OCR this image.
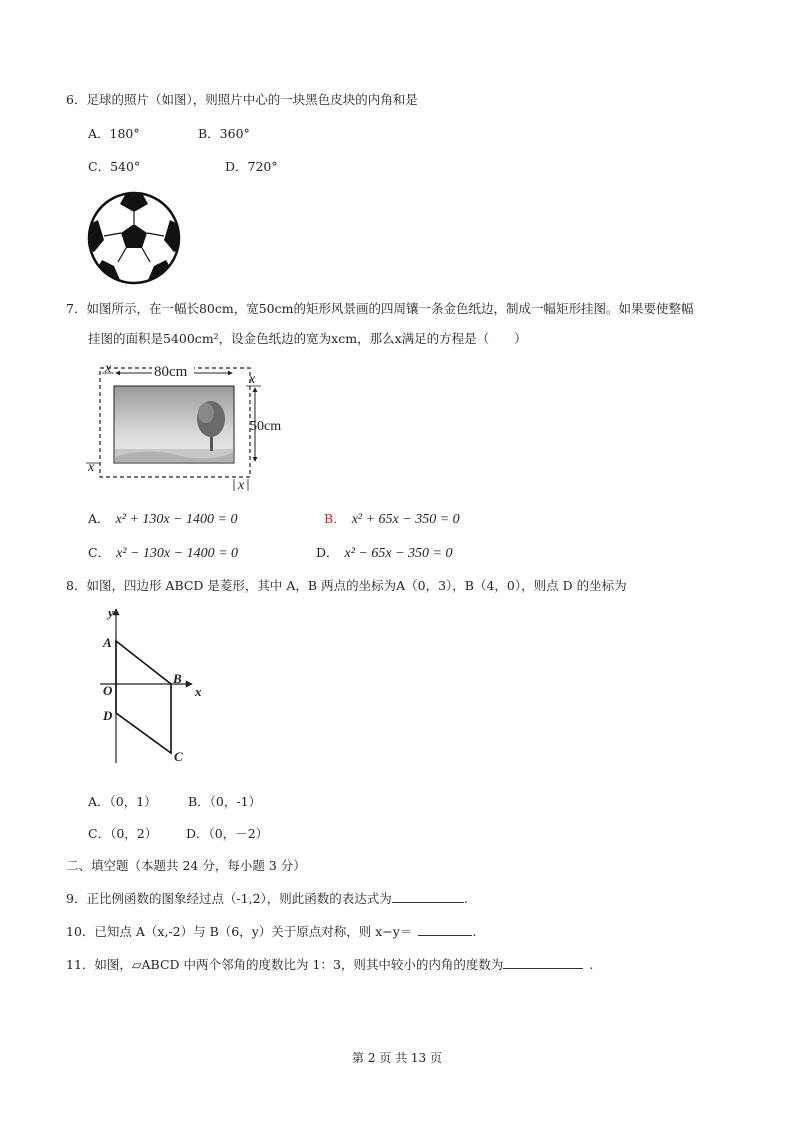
6．足球的照片（如图），则照片中心的一块黑色皮块的内角和是
A．180°	B．360°
C．540°	D．720°
7．如图所示，在一幅长80cm，宽50cm的矩形风景画的四周镶一条金色纸边，制成一幅矩形挂图。如果要使整幅
挂图的面积是5400cm²，设金色纸边的宽为xcm，那么x满足的方程是（　　）
80cm
50cm
x
x
x
x
A． x² + 130x − 1400 = 0	B． x² + 65x − 350 = 0
C． x² − 130x − 1400 = 0	D． x² − 65x − 350 = 0
8．如图，四边形 ABCD 是菱形，其中 A，B 两点的坐标为A（0，3），B（4，0），则点 D 的坐标为
y
x
A
B
C
D
O
A．（0，1）	B．（0，-1）
C．（0，2） D．（0，－2）
二、填空题（本题共 24 分，每小题 3 分）
9．正比例函数的图象经过点（-1,2），则此函数的表达式为	.
10．已知点 A（x,-2）与 B（6，y）关于原点对称，则 x−y＝	.
11．如图，▱ABCD 中两个邻角的度数比为 1：3，则其中较小的内角的度数为	.
第 2 页 共 13 页
